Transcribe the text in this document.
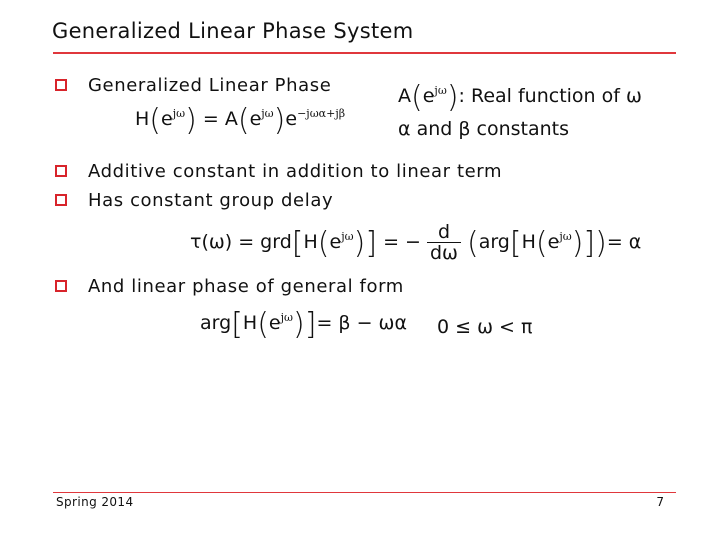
Generalized Linear Phase System
Generalized Linear Phase
$H(e^{j\omega}) = A(e^{j\omega})e^{-j\omega\alpha+j\beta}$
$A(e^{j\omega})$: Real function of ω
α and β constants
Additive constant in addition to linear term
Has constant group delay
$\tau(\omega) = grd[H(e^{j\omega})]$ = − $\frac{d}{d\omega} (arg[H(e^{j\omega})])= \alpha$
And linear phase of general form
$arg[H(e^{j\omega})]= \beta - \omega\alpha$ 0 ≤ ω < π
Spring 2014	7
